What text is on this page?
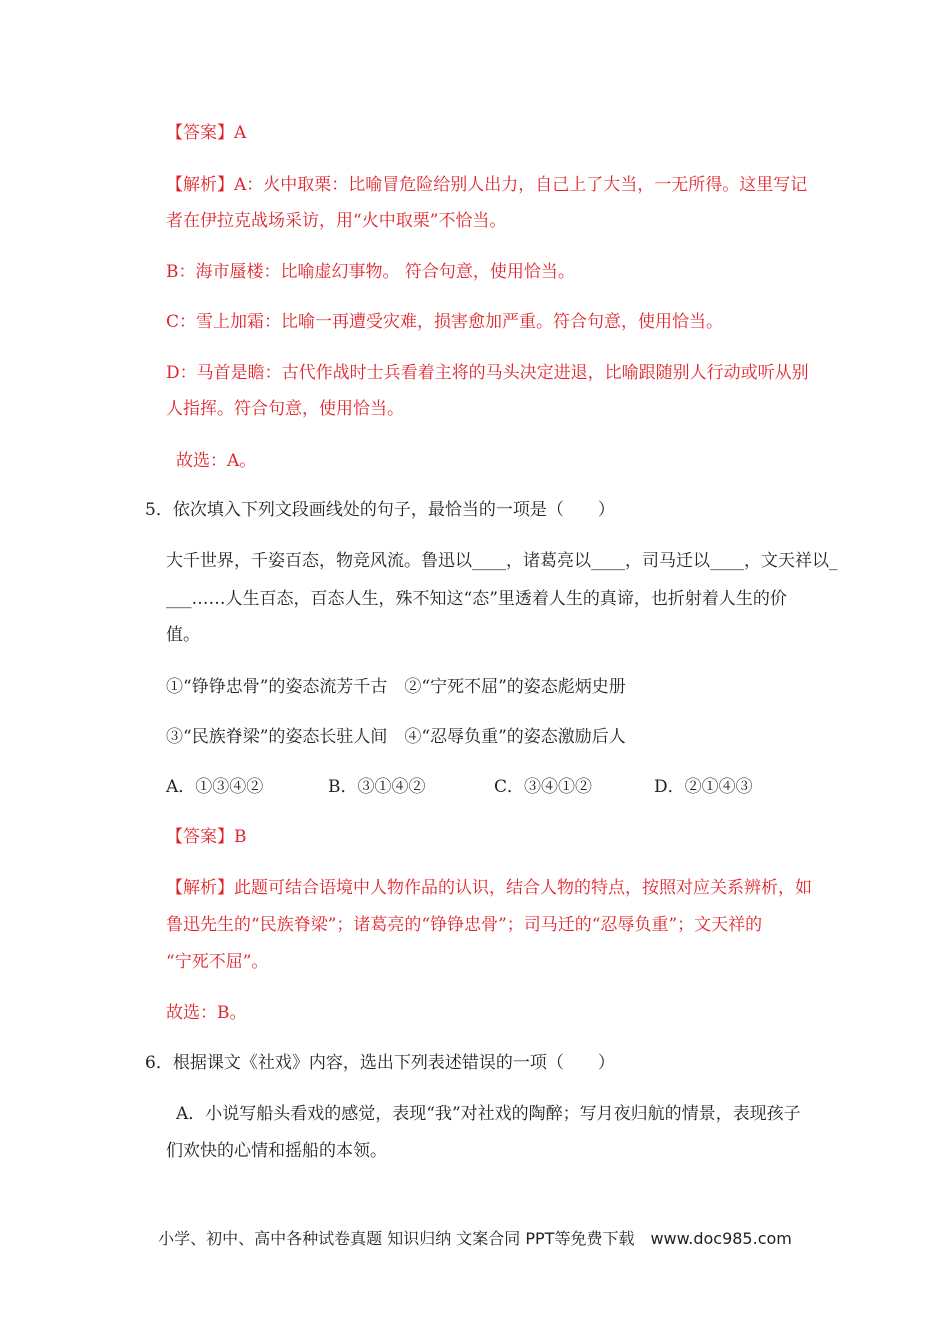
【答案】A
【解析】A：火中取栗：比喻冒危险给别人出力，自己上了大当，一无所得。这里写记
者在伊拉克战场采访，用“火中取栗”不恰当。
B：海市蜃楼：比喻虚幻事物。 符合句意，使用恰当。
C：雪上加霜：比喻一再遭受灾难，损害愈加严重。符合句意，使用恰当。
D：马首是瞻：古代作战时士兵看着主将的马头决定进退，比喻跟随别人行动或听从别
人指挥。符合句意，使用恰当。
故选：A。
5．依次填入下列文段画线处的句子，最恰当的一项是（　　）
大千世界，千姿百态，物竞风流。鲁迅以____，诸葛亮以____，司马迁以____，文天祥以_
___……人生百态，百态人生，殊不知这“态”里透着人生的真谛，也折射着人生的价
值。
①“铮铮忠骨”的姿态流芳千古　②“宁死不屈”的姿态彪炳史册
③“民族脊梁”的姿态长驻人间　④“忍辱负重”的姿态激励后人
A．①③④②	B．③①④②	C．③④①②	D．②①④③
【答案】B
【解析】此题可结合语境中人物作品的认识，结合人物的特点，按照对应关系辨析，如
鲁迅先生的“民族脊梁”；诸葛亮的“铮铮忠骨”；司马迁的“忍辱负重”；文天祥的
“宁死不屈”。
故选：B。
6．根据课文《社戏》内容，选出下列表述错误的一项（　　）
A．小说写船头看戏的感觉，表现“我”对社戏的陶醉；写月夜归航的情景，表现孩子
们欢快的心情和摇船的本领。
小学、初中、高中各种试卷真题 知识归纳 文案合同 PPT等免费下载　www.doc985.com
